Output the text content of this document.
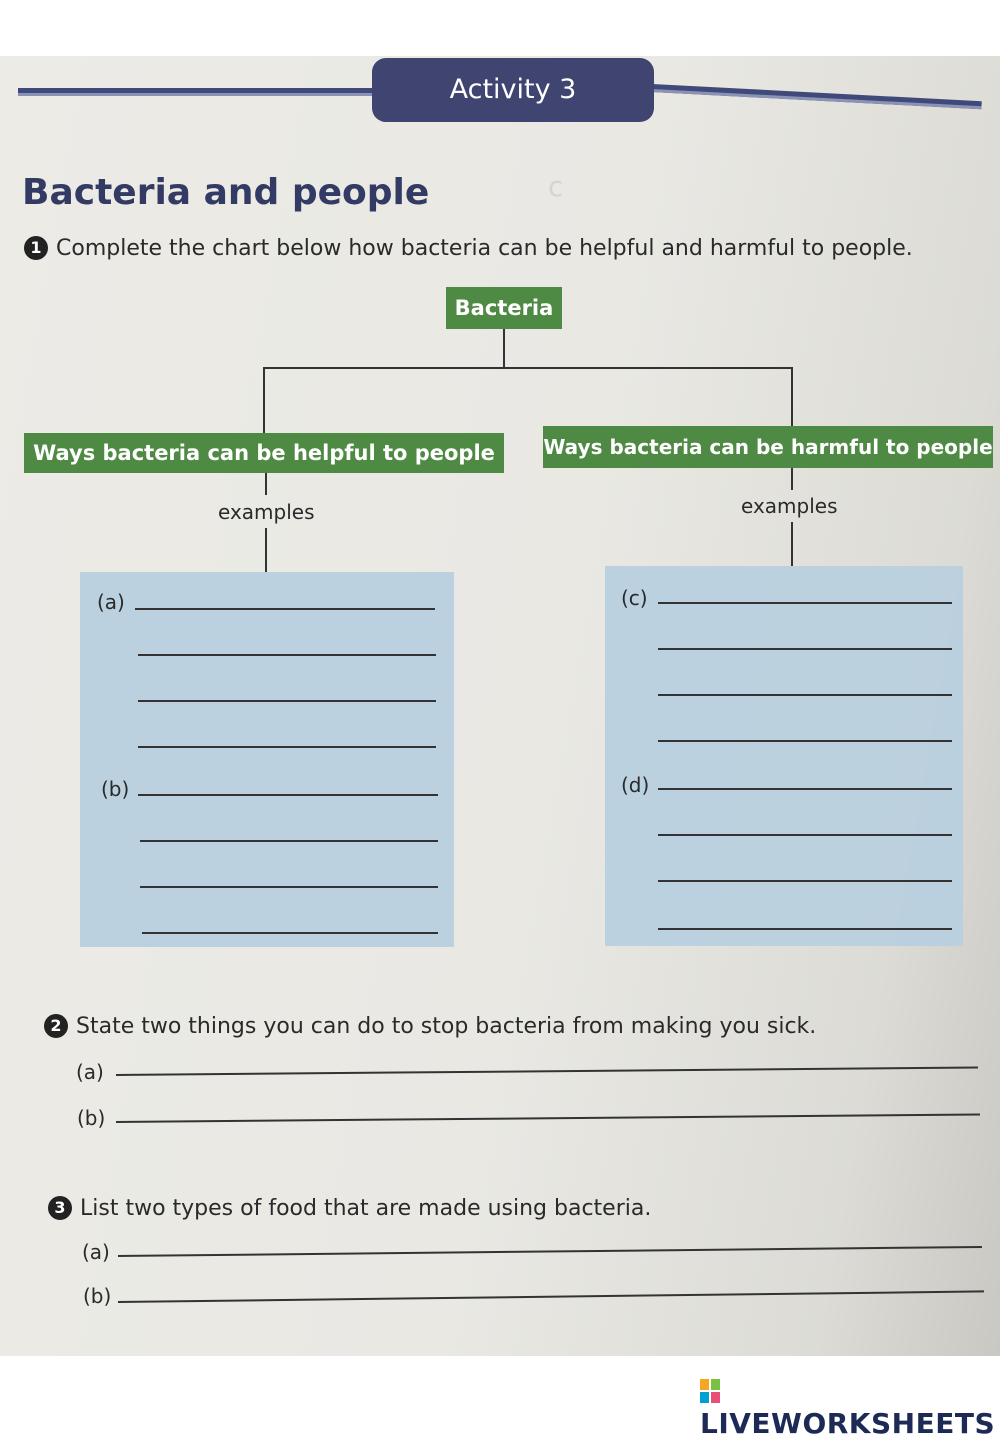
ɔ
Activity 3
Bacteria and people
1 Complete the chart below how bacteria can be helpful and harmful to people.
Bacteria
Ways bacteria can be helpful to people	Ways bacteria can be harmful to people
examples	examples
(a)
(b)
(c)
(d)
2 State two things you can do to stop bacteria from making you sick.
(a)
(b)
3 List two types of food that are made using bacteria.
(a)
(b)
LIVEWORKSHEETS
